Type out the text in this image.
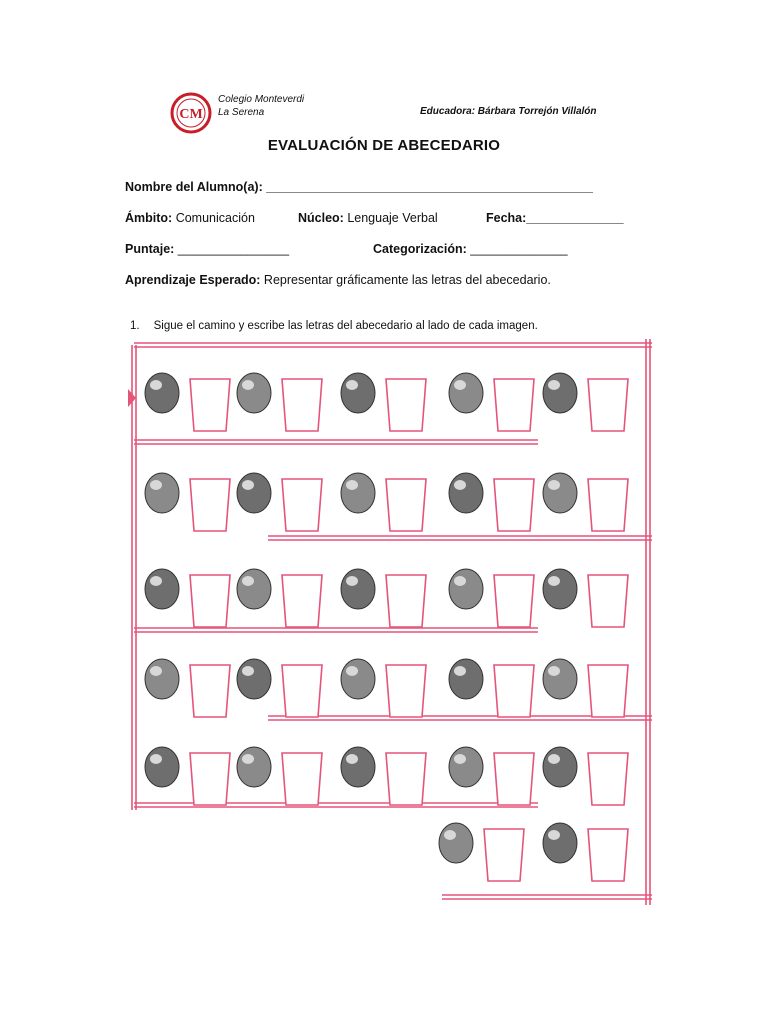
CM
Colegio Monteverdi
La Serena	Educadora: Bárbara Torrejón Villalón
EVALUACIÓN DE ABECEDARIO
Nombre del Alumno(a): _______________________________________________
Ámbito: Comunicación	Núcleo: Lenguaje Verbal	Fecha:______________
Puntaje: ________________	Categorización: ______________
Aprendizaje Esperado: Representar gráficamente las letras del abecedario.
1. Sigue el camino y escribe las letras del abecedario al lado de cada imagen.
